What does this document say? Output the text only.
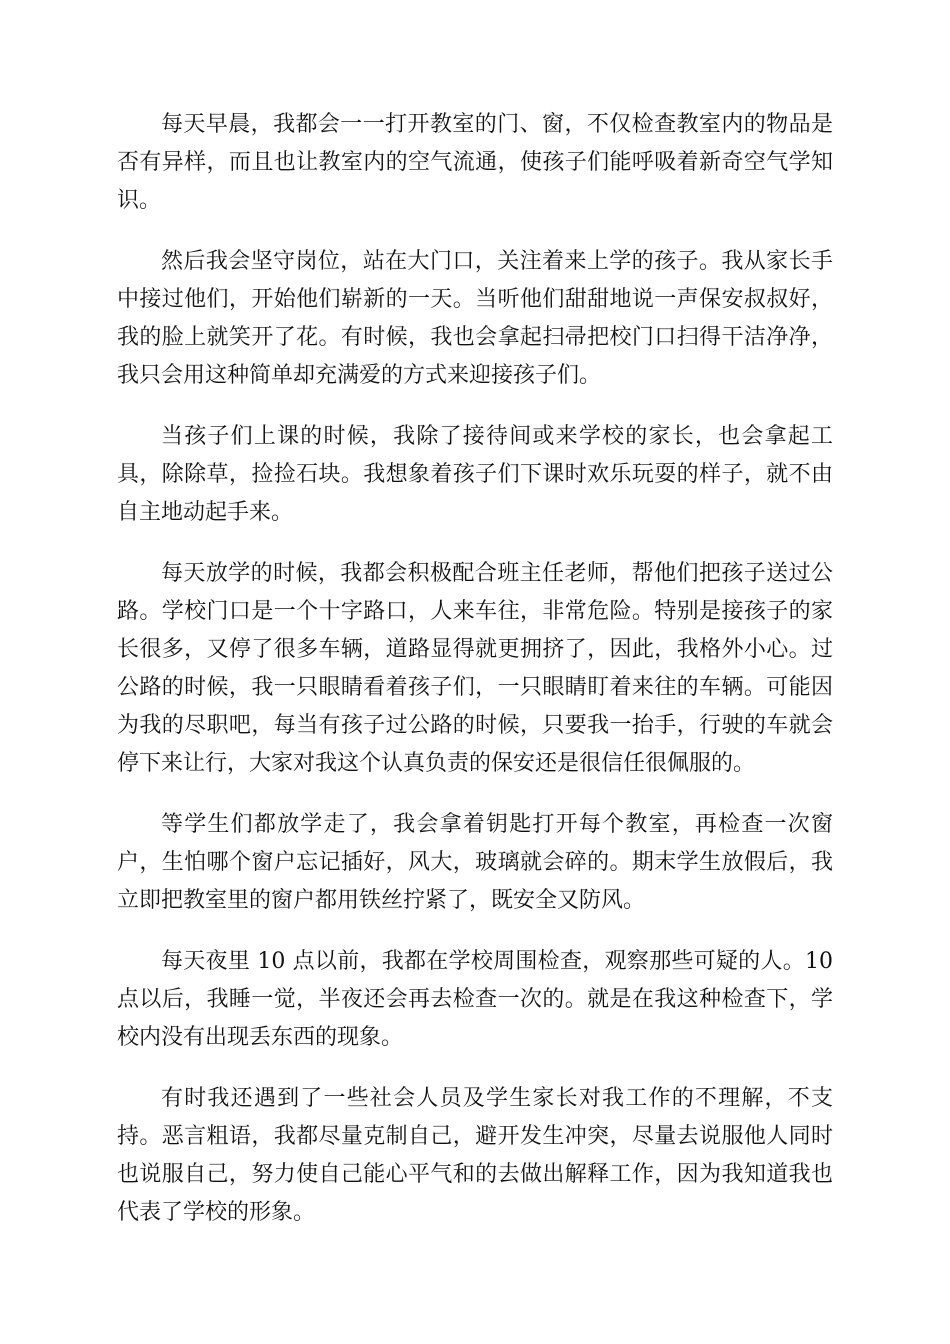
每天早晨，我都会一一打开教室的门、窗，不仅检查教室内的物品是否有异样，而且也让教室内的空气流通，使孩子们能呼吸着新奇空气学知识。

然后我会坚守岗位，站在大门口，关注着来上学的孩子。我从家长手中接过他们，开始他们崭新的一天。当听他们甜甜地说一声保安叔叔好，我的脸上就笑开了花。有时候，我也会拿起扫帚把校门口扫得干洁净净，我只会用这种简单却充满爱的方式来迎接孩子们。

当孩子们上课的时候，我除了接待间或来学校的家长，也会拿起工具，除除草，捡捡石块。我想象着孩子们下课时欢乐玩耍的样子，就不由自主地动起手来。

每天放学的时候，我都会积极配合班主任老师，帮他们把孩子送过公路。学校门口是一个十字路口，人来车往，非常危险。特别是接孩子的家长很多，又停了很多车辆，道路显得就更拥挤了，因此，我格外小心。过公路的时候，我一只眼睛看着孩子们，一只眼睛盯着来往的车辆。可能因为我的尽职吧，每当有孩子过公路的时候，只要我一抬手，行驶的车就会停下来让行，大家对我这个认真负责的保安还是很信任很佩服的。

等学生们都放学走了，我会拿着钥匙打开每个教室，再检查一次窗户，生怕哪个窗户忘记插好，风大，玻璃就会碎的。期末学生放假后，我立即把教室里的窗户都用铁丝拧紧了，既安全又防风。

每天夜里 10 点以前，我都在学校周围检查，观察那些可疑的人。10 点以后，我睡一觉，半夜还会再去检查一次的。就是在我这种检查下，学校内没有出现丢东西的现象。

有时我还遇到了一些社会人员及学生家长对我工作的不理解，不支持。恶言粗语，我都尽量克制自己，避开发生冲突，尽量去说服他人同时也说服自己，努力使自己能心平气和的去做出解释工作，因为我知道我也代表了学校的形象。
